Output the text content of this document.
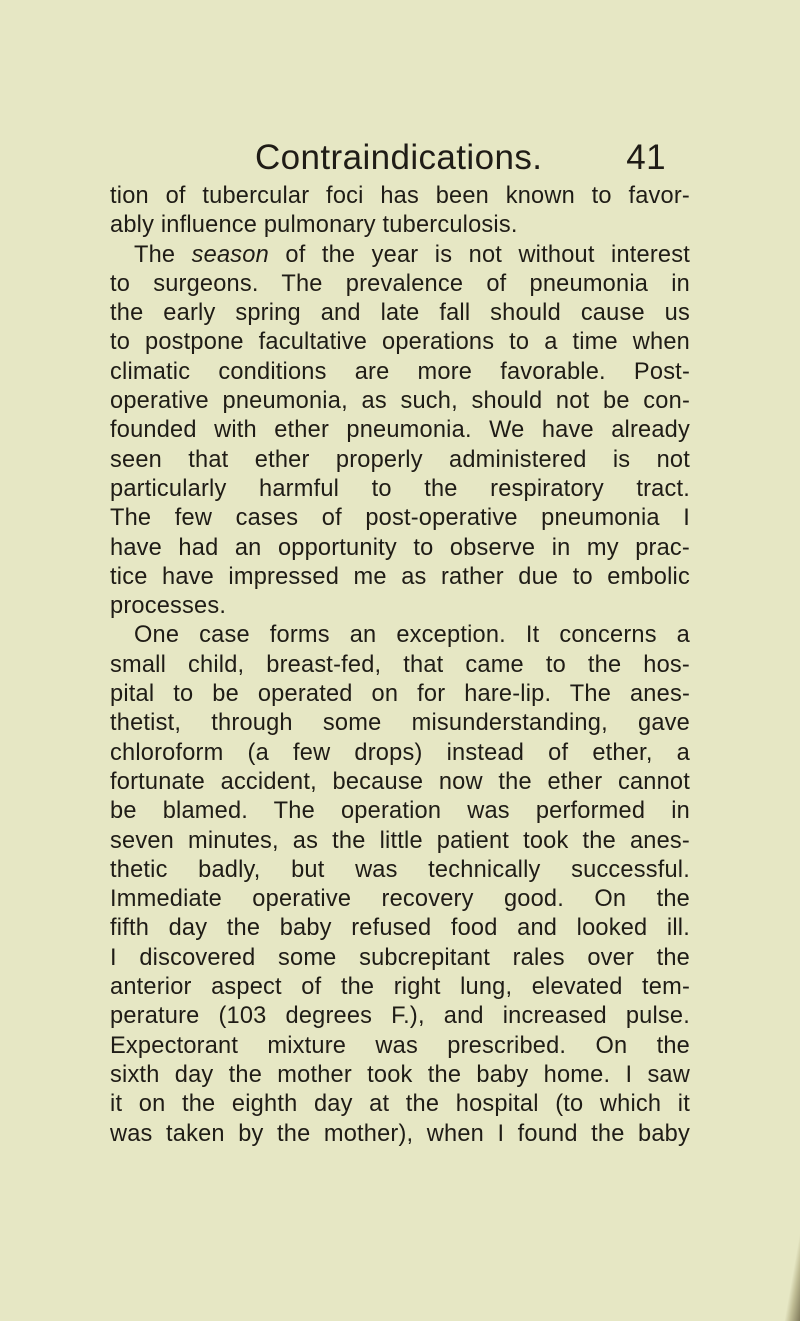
Contraindications. 41
tion of tubercular foci has been known to favor-
ably influence pulmonary tuberculosis.
The season of the year is not without interest
to surgeons. The prevalence of pneumonia in
the early spring and late fall should cause us
to postpone facultative operations to a time when
climatic conditions are more favorable. Post-
operative pneumonia, as such, should not be con-
founded with ether pneumonia. We have already
seen that ether properly administered is not
particularly harmful to the respiratory tract.
The few cases of post-operative pneumonia I
have had an opportunity to observe in my prac-
tice have impressed me as rather due to embolic
processes.
One case forms an exception. It concerns a
small child, breast-fed, that came to the hos-
pital to be operated on for hare-lip. The anes-
thetist, through some misunderstanding, gave
chloroform (a few drops) instead of ether, a
fortunate accident, because now the ether cannot
be blamed. The operation was performed in
seven minutes, as the little patient took the anes-
thetic badly, but was technically successful.
Immediate operative recovery good. On the
fifth day the baby refused food and looked ill.
I discovered some subcrepitant rales over the
anterior aspect of the right lung, elevated tem-
perature (103 degrees F.), and increased pulse.
Expectorant mixture was prescribed. On the
sixth day the mother took the baby home. I saw
it on the eighth day at the hospital (to which it
was taken by the mother), when I found the baby
